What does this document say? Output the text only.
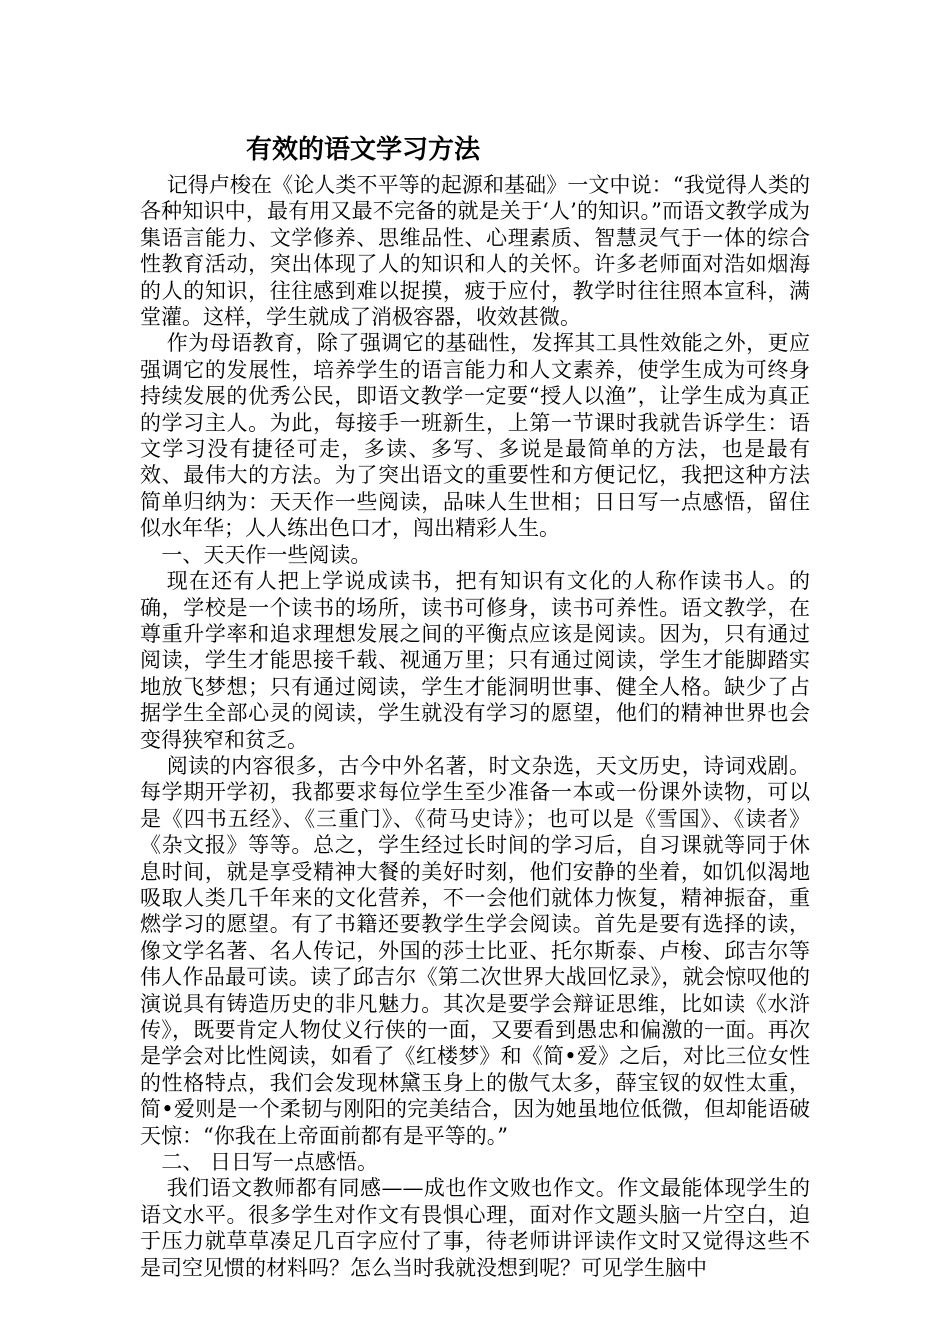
有效的语文学习方法

记得卢梭在《论人类不平等的起源和基础》一文中说：“我觉得人类的各种知识中，最有用又最不完备的就是关于‘人’的知识。”而语文教学成为集语言能力、文学修养、思维品性、心理素质、智慧灵气于一体的综合性教育活动，突出体现了人的知识和人的关怀。许多老师面对浩如烟海的人的知识，往往感到难以捉摸，疲于应付，教学时往往照本宣科，满堂灌。这样，学生就成了消极容器，收效甚微。

作为母语教育，除了强调它的基础性，发挥其工具性效能之外，更应强调它的发展性，培养学生的语言能力和人文素养，使学生成为可终身持续发展的优秀公民，即语文教学一定要“授人以渔”，让学生成为真正的学习主人。为此，每接手一班新生，上第一节课时我就告诉学生：语文学习没有捷径可走，多读、多写、多说是最简单的方法，也是最有效、最伟大的方法。为了突出语文的重要性和方便记忆，我把这种方法简单归纳为：天天作一些阅读，品味人生世相；日日写一点感悟，留住似水年华；人人练出色口才，闯出精彩人生。

一、天天作一些阅读。

现在还有人把上学说成读书，把有知识有文化的人称作读书人。的确，学校是一个读书的场所，读书可修身，读书可养性。语文教学，在尊重升学率和追求理想发展之间的平衡点应该是阅读。因为，只有通过阅读，学生才能思接千载、视通万里；只有通过阅读，学生才能脚踏实地放飞梦想；只有通过阅读，学生才能洞明世事、健全人格。缺少了占据学生全部心灵的阅读，学生就没有学习的愿望，他们的精神世界也会变得狭窄和贫乏。

阅读的内容很多，古今中外名著，时文杂选，天文历史，诗词戏剧。每学期开学初，我都要求每位学生至少准备一本或一份课外读物，可以是《四书五经》、《三重门》、《荷马史诗》；也可以是《雪国》、《读者》《杂文报》等等。总之，学生经过长时间的学习后，自习课就等同于休息时间，就是享受精神大餐的美好时刻，他们安静的坐着，如饥似渴地吸取人类几千年来的文化营养，不一会他们就体力恢复，精神振奋，重燃学习的愿望。有了书籍还要教学生学会阅读。首先是要有选择的读，像文学名著、名人传记，外国的莎士比亚、托尔斯泰、卢梭、邱吉尔等伟人作品最可读。读了邱吉尔《第二次世界大战回忆录》，就会惊叹他的演说具有铸造历史的非凡魅力。其次是要学会辩证思维，比如读《水浒传》，既要肯定人物仗义行侠的一面，又要看到愚忠和偏激的一面。再次是学会对比性阅读，如看了《红楼梦》和《简•爱》之后，对比三位女性的性格特点，我们会发现林黛玉身上的傲气太多，薛宝钗的奴性太重，简•爱则是一个柔韧与刚阳的完美结合，因为她虽地位低微，但却能语破天惊：“你我在上帝面前都有是平等的。”

二、 日日写一点感悟。

我们语文教师都有同感——成也作文败也作文。作文最能体现学生的语文水平。很多学生对作文有畏惧心理，面对作文题头脑一片空白，迫于压力就草草凑足几百字应付了事，待老师讲评读作文时又觉得这些不是司空见惯的材料吗？怎么当时我就没想到呢？可见学生脑中
